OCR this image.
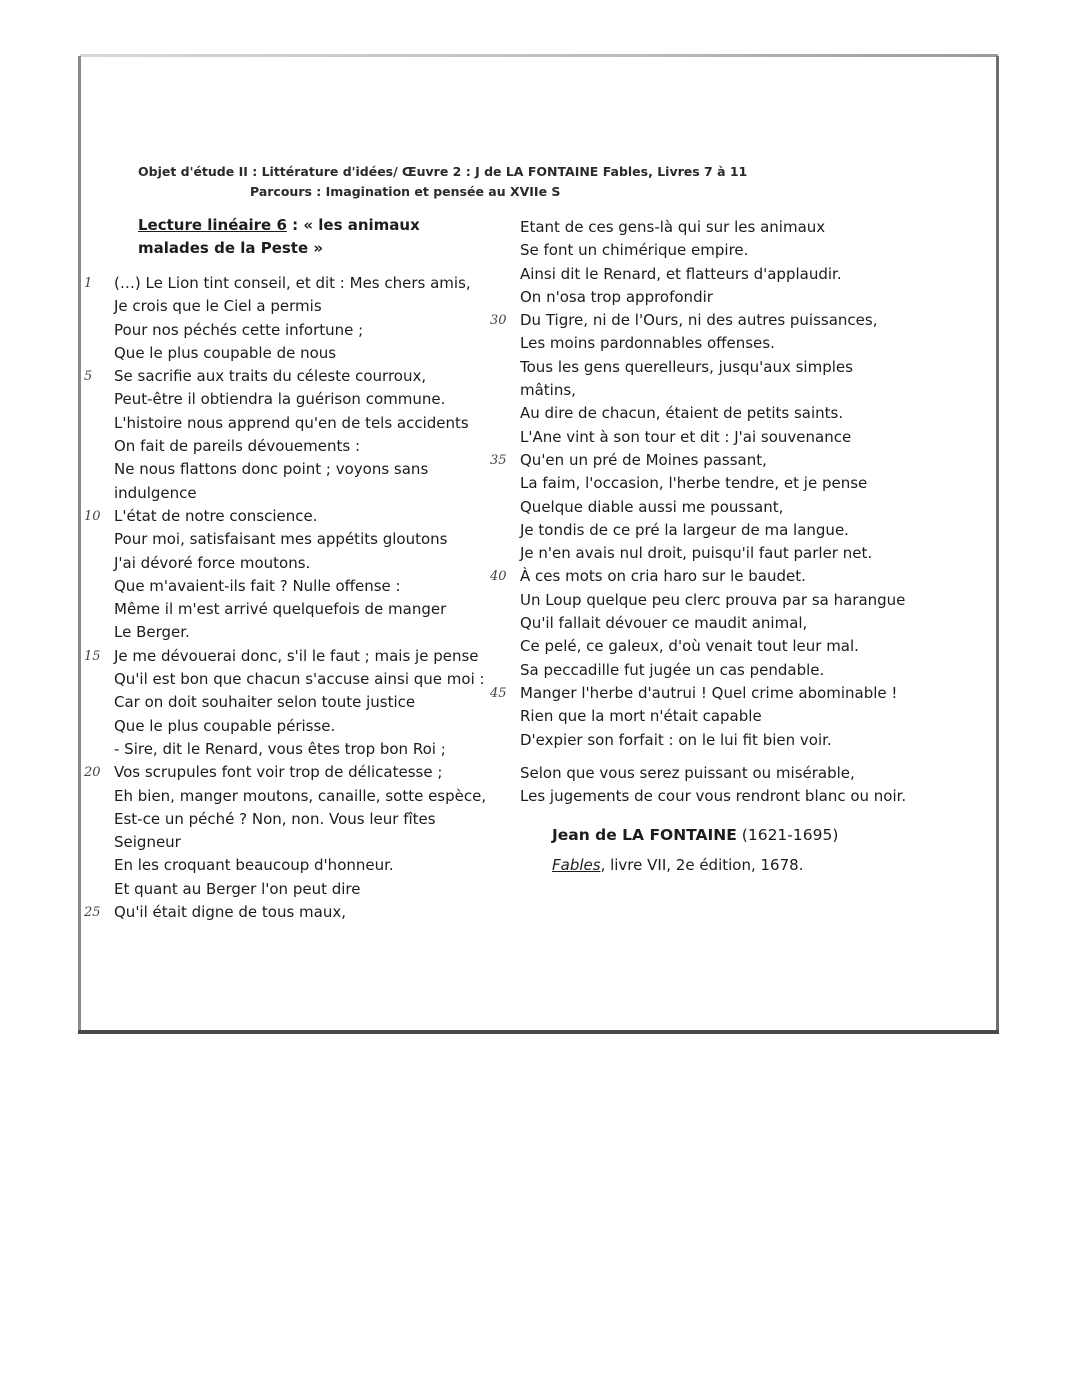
Objet d'étude II : Littérature d'idées/ Œuvre 2 : J de LA FONTAINE Fables, Livres 7 à 11
Parcours : Imagination et pensée au XVIIe S
Lecture linéaire 6 : « les animaux malades de la Peste »
1 (…) Le Lion tint conseil, et dit : Mes chers amis,
Je crois que le Ciel a permis
Pour nos péchés cette infortune ;
Que le plus coupable de nous
5 Se sacrifie aux traits du céleste courroux,
Peut-être il obtiendra la guérison commune.
L'histoire nous apprend qu'en de tels accidents
On fait de pareils dévouements :
Ne nous flattons donc point ; voyons sans
indulgence
10 L'état de notre conscience.
Pour moi, satisfaisant mes appétits gloutons
J'ai dévoré force moutons.
Que m'avaient-ils fait ? Nulle offense :
Même il m'est arrivé quelquefois de manger
Le Berger.
15 Je me dévouerai donc, s'il le faut ; mais je pense
Qu'il est bon que chacun s'accuse ainsi que moi :
Car on doit souhaiter selon toute justice
Que le plus coupable périsse.
- Sire, dit le Renard, vous êtes trop bon Roi ;
20 Vos scrupules font voir trop de délicatesse ;
Eh bien, manger moutons, canaille, sotte espèce,
Est-ce un péché ? Non, non. Vous leur fîtes
Seigneur
En les croquant beaucoup d'honneur.
Et quant au Berger l'on peut dire
25 Qu'il était digne de tous maux,
Etant de ces gens-là qui sur les animaux
Se font un chimérique empire.
Ainsi dit le Renard, et flatteurs d'applaudir.
On n'osa trop approfondir
30 Du Tigre, ni de l'Ours, ni des autres puissances,
Les moins pardonnables offenses.
Tous les gens querelleurs, jusqu'aux simples
mâtins,
Au dire de chacun, étaient de petits saints.
L'Ane vint à son tour et dit : J'ai souvenance
35 Qu'en un pré de Moines passant,
La faim, l'occasion, l'herbe tendre, et je pense
Quelque diable aussi me poussant,
Je tondis de ce pré la largeur de ma langue.
Je n'en avais nul droit, puisqu'il faut parler net.
40 À ces mots on cria haro sur le baudet.
Un Loup quelque peu clerc prouva par sa harangue
Qu'il fallait dévouer ce maudit animal,
Ce pelé, ce galeux, d'où venait tout leur mal.
Sa peccadille fut jugée un cas pendable.
45 Manger l'herbe d'autrui ! Quel crime abominable !
Rien que la mort n'était capable
D'expier son forfait : on le lui fit bien voir.
Selon que vous serez puissant ou misérable,
Les jugements de cour vous rendront blanc ou noir.
Jean de LA FONTAINE (1621-1695)
Fables, livre VII, 2e édition, 1678.
